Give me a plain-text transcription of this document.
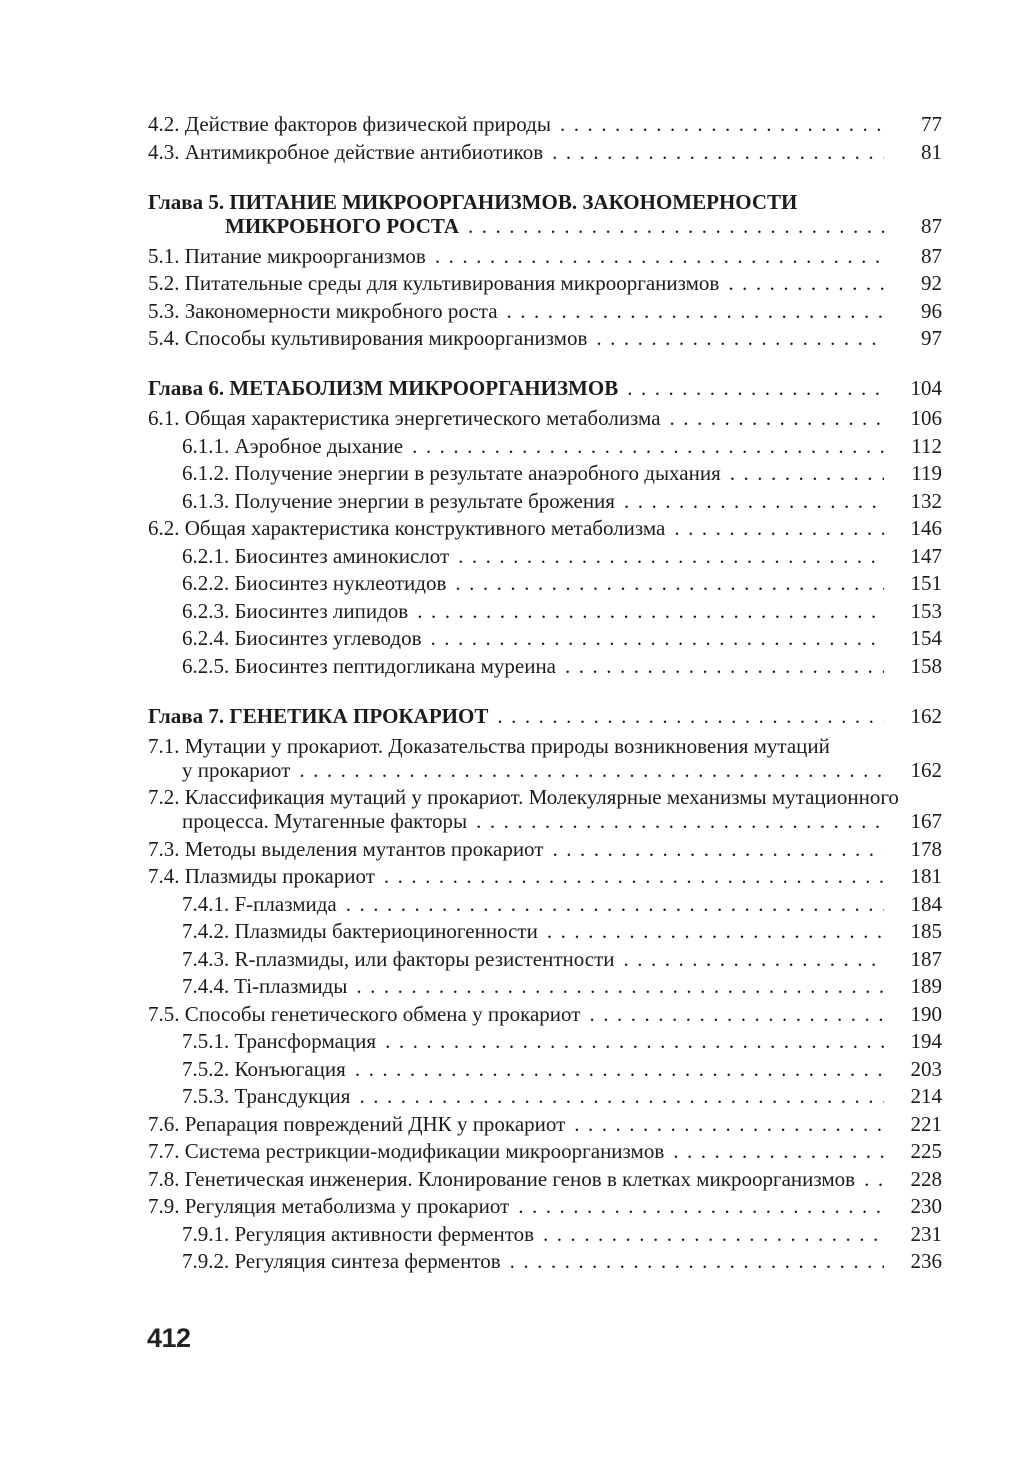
4.2. Действие факторов физической природы .....	77
4.3. Антимикробное действие антибиотиков .....	81
Глава 5. ПИТАНИЕ МИКРООРГАНИЗМОВ. ЗАКОНОМЕРНОСТИ
МИКРОБНОГО РОСТА .....	87
5.1. Питание микроорганизмов .....	87
5.2. Питательные среды для культивирования микроорганизмов .....	92
5.3. Закономерности микробного роста .....	96
5.4. Способы культивирования микроорганизмов .....	97
Глава 6. МЕТАБОЛИЗМ МИКРООРГАНИЗМОВ .....	104
6.1. Общая характеристика энергетического метаболизма .....	106
6.1.1. Аэробное дыхание .....	112
6.1.2. Получение энергии в результате анаэробного дыхания .....	119
6.1.3. Получение энергии в результате брожения .....	132
6.2. Общая характеристика конструктивного метаболизма .....	146
6.2.1. Биосинтез аминокислот .....	147
6.2.2. Биосинтез нуклеотидов .....	151
6.2.3. Биосинтез липидов .....	153
6.2.4. Биосинтез углеводов .....	154
6.2.5. Биосинтез пептидогликана муреина .....	158
Глава 7. ГЕНЕТИКА ПРОКАРИОТ .....	162
7.1. Мутации у прокариот. Доказательства природы возникновения мутаций
у прокариот .....	162
7.2. Классификация мутаций у прокариот. Молекулярные механизмы мутационного
процесса. Мутагенные факторы .....	167
7.3. Методы выделения мутантов прокариот .....	178
7.4. Плазмиды прокариот .....	181
7.4.1. F-плазмида .....	184
7.4.2. Плазмиды бактериоциногенности .....	185
7.4.3. R-плазмиды, или факторы резистентности .....	187
7.4.4. Ti-плазмиды .....	189
7.5. Способы генетического обмена у прокариот .....	190
7.5.1. Трансформация .....	194
7.5.2. Конъюгация .....	203
7.5.3. Трансдукция .....	214
7.6. Репарация повреждений ДНК у прокариот .....	221
7.7. Система рестрикции-модификации микроорганизмов .....	225
7.8. Генетическая инженерия. Клонирование генов в клетках микроорганизмов .....	228
7.9. Регуляция метаболизма у прокариот .....	230
7.9.1. Регуляция активности ферментов .....	231
7.9.2. Регуляция синтеза ферментов .....	236
412
